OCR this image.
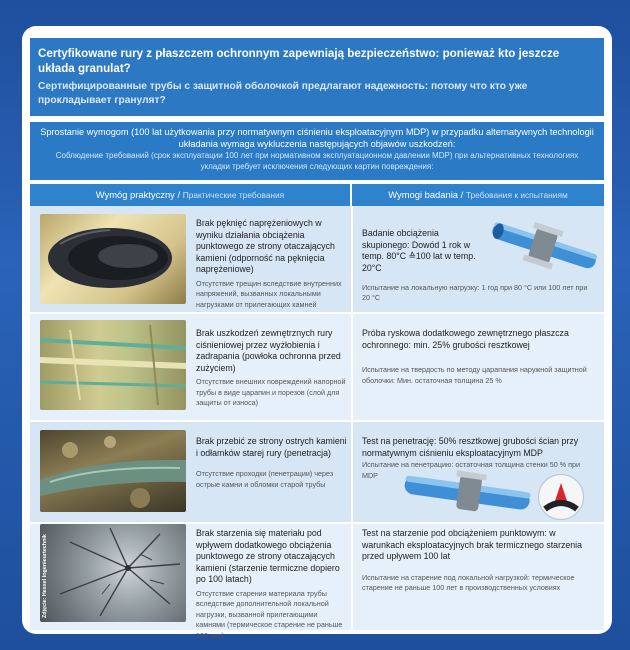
Certyfikowane rury z płaszczem ochronnym zapewniają bezpieczeństwo: ponieważ kto jeszcze układa granulat?
Сертифицированные трубы с защитной оболочкой предлагают надежность: потому что кто уже прокладывает гранулят?
Sprostanie wymogom (100 lat użytkowania przy normatywnym ciśnieniu eksploatacyjnym MDP) w przypadku alternatywnych technologii układania wymaga wykluczenia następujących objawów uszkodzeń:
Соблюдение требований (срок эксплуатации 100 лет при нормативном эксплуатационном давлении MDP) при альтернативных технологиях укладки требует исключения следующих картин повреждения:
Wymóg praktyczny / Практические требования	Wymogi badania / Требования к испытаниям
Brak pęknięć naprężeniowych w wyniku działania obciążenia punktowego ze strony otaczających kamieni (odporność na pęknięcia naprężeniowe)
Отсутствие трещин вследствие внутренних напряжений, вызванных локальными нагрузками от прилегающих камней
Badanie obciążenia skupionego: Dowód 1 rok w temp. 80°C ≙100 lat w temp. 20°C
Испытание на локальную нагрузку: 1 год при 80 °C или 100 лет при 20 °C
Brak uszkodzeń zewnętrznych rury ciśnieniowej przez wyżłobienia i zadrapania (powłoka ochronna przed zużyciem)
Отсутствие внешних повреждений напорной трубы в виде царапин и порезов (слой для защиты от износа)
Próba ryskowa dodatkowego zewnętrznego płaszcza ochronnego: min. 25% grubości resztkowej
Испытание на твердость по методу царапания наружной защитной оболочки: Мин. остаточная толщина 25 %
Brak przebić ze strony ostrych kamieni i odłamków starej rury (penetracja)
Отсутствие проходки (пенетрации) через острые камни и обломки старой трубы
Test na penetrację: 50% resztkowej grubości ścian przy normatywnym ciśnieniu eksploatacyjnym MDP
Испытание на пенетрацию: остаточная толщина стенки 50 % при MDP
Zdjęcie: Hessel Ingenieurtechnik
Brak starzenia się materiału pod wpływem dodatkowego obciążenia punktowego ze strony otaczających kamieni (starzenie termiczne dopiero po 100 latach)
Отсутствие старения материала трубы вследствие дополнительной локальной нагрузки, вызванной прилегающими камнями (термическое старение не раньше 100 лет)
Test na starzenie pod obciążeniem punktowym: w warunkach eksploatacyjnych brak termicznego starzenia przed upływem 100 lat
Испытание на старение под локальной нагрузкой: термическое старение не раньше 100 лет в производственных условиях
